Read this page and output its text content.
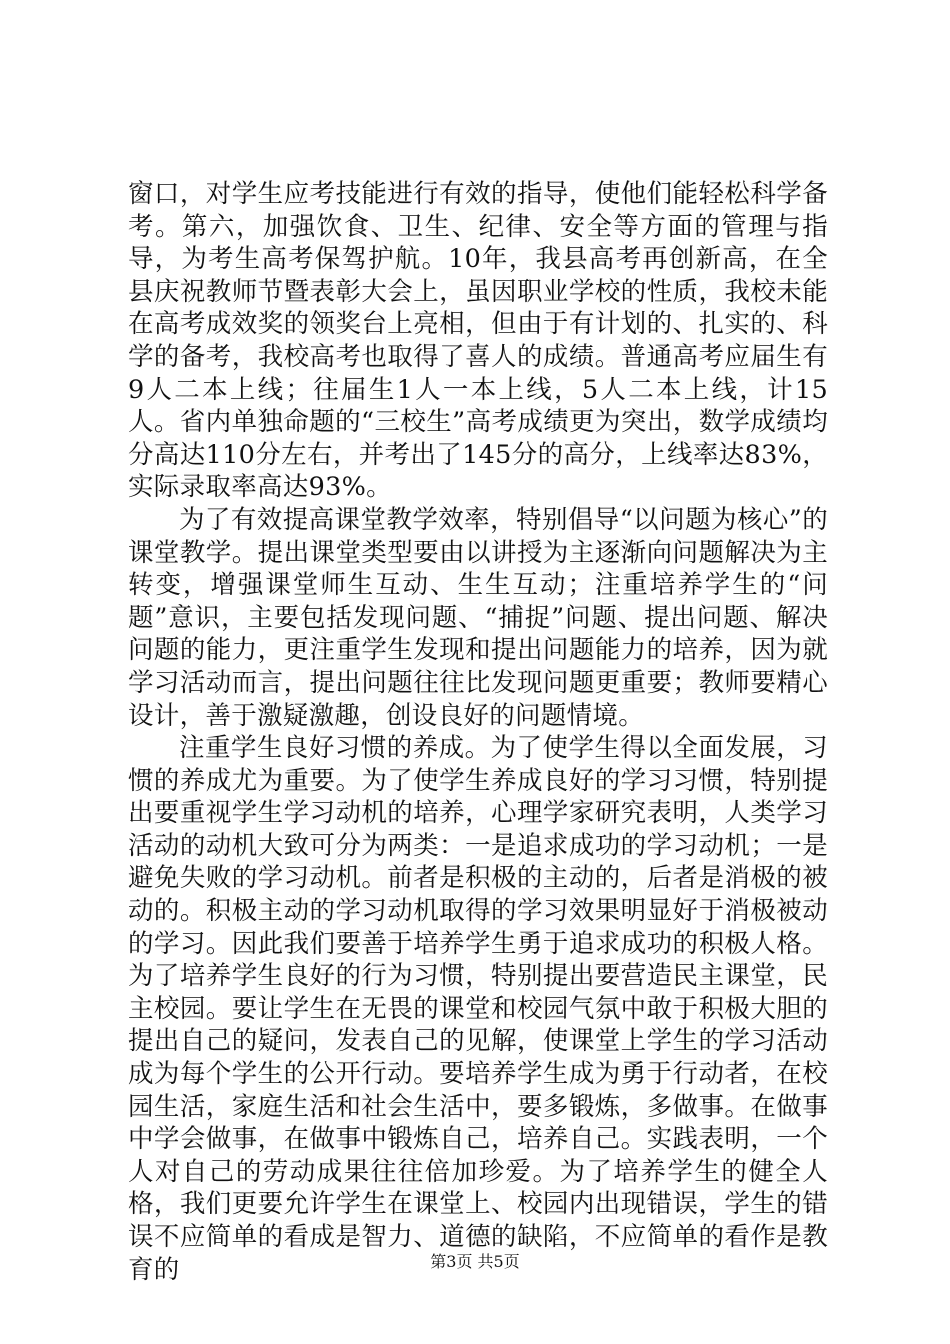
窗口，对学生应考技能进行有效的指导，使他们能轻松科学备考。第六，加强饮食、卫生、纪律、安全等方面的管理与指导，为考生高考保驾护航。10年，我县高考再创新高，在全县庆祝教师节暨表彰大会上，虽因职业学校的性质，我校未能在高考成效奖的领奖台上亮相，但由于有计划的、扎实的、科学的备考，我校高考也取得了喜人的成绩。普通高考应届生有9人二本上线；往届生1人一本上线，5人二本上线，计15人。省内单独命题的“三校生”高考成绩更为突出，数学成绩均分高达110分左右，并考出了145分的高分，上线率达83%，实际录取率高达93%。

为了有效提高课堂教学效率，特别倡导“以问题为核心”的课堂教学。提出课堂类型要由以讲授为主逐渐向问题解决为主转变，增强课堂师生互动、生生互动；注重培养学生的“问题”意识，主要包括发现问题、“捕捉”问题、提出问题、解决问题的能力，更注重学生发现和提出问题能力的培养，因为就学习活动而言，提出问题往往比发现问题更重要；教师要精心设计，善于激疑激趣，创设良好的问题情境。

注重学生良好习惯的养成。为了使学生得以全面发展，习惯的养成尤为重要。为了使学生养成良好的学习习惯，特别提出要重视学生学习动机的培养，心理学家研究表明，人类学习活动的动机大致可分为两类：一是追求成功的学习动机；一是避免失败的学习动机。前者是积极的主动的，后者是消极的被动的。积极主动的学习动机取得的学习效果明显好于消极被动的学习。因此我们要善于培养学生勇于追求成功的积极人格。为了培养学生良好的行为习惯，特别提出要营造民主课堂，民主校园。要让学生在无畏的课堂和校园气氛中敢于积极大胆的提出自己的疑问，发表自己的见解，使课堂上学生的学习活动成为每个学生的公开行动。要培养学生成为勇于行动者，在校园生活，家庭生活和社会生活中，要多锻炼，多做事。在做事中学会做事，在做事中锻炼自己，培养自己。实践表明，一个人对自己的劳动成果往往倍加珍爱。为了培养学生的健全人格，我们更要允许学生在课堂上、校园内出现错误，学生的错误不应简单的看成是智力、道德的缺陷，不应简单的看作是教育的	第3页 共5页
